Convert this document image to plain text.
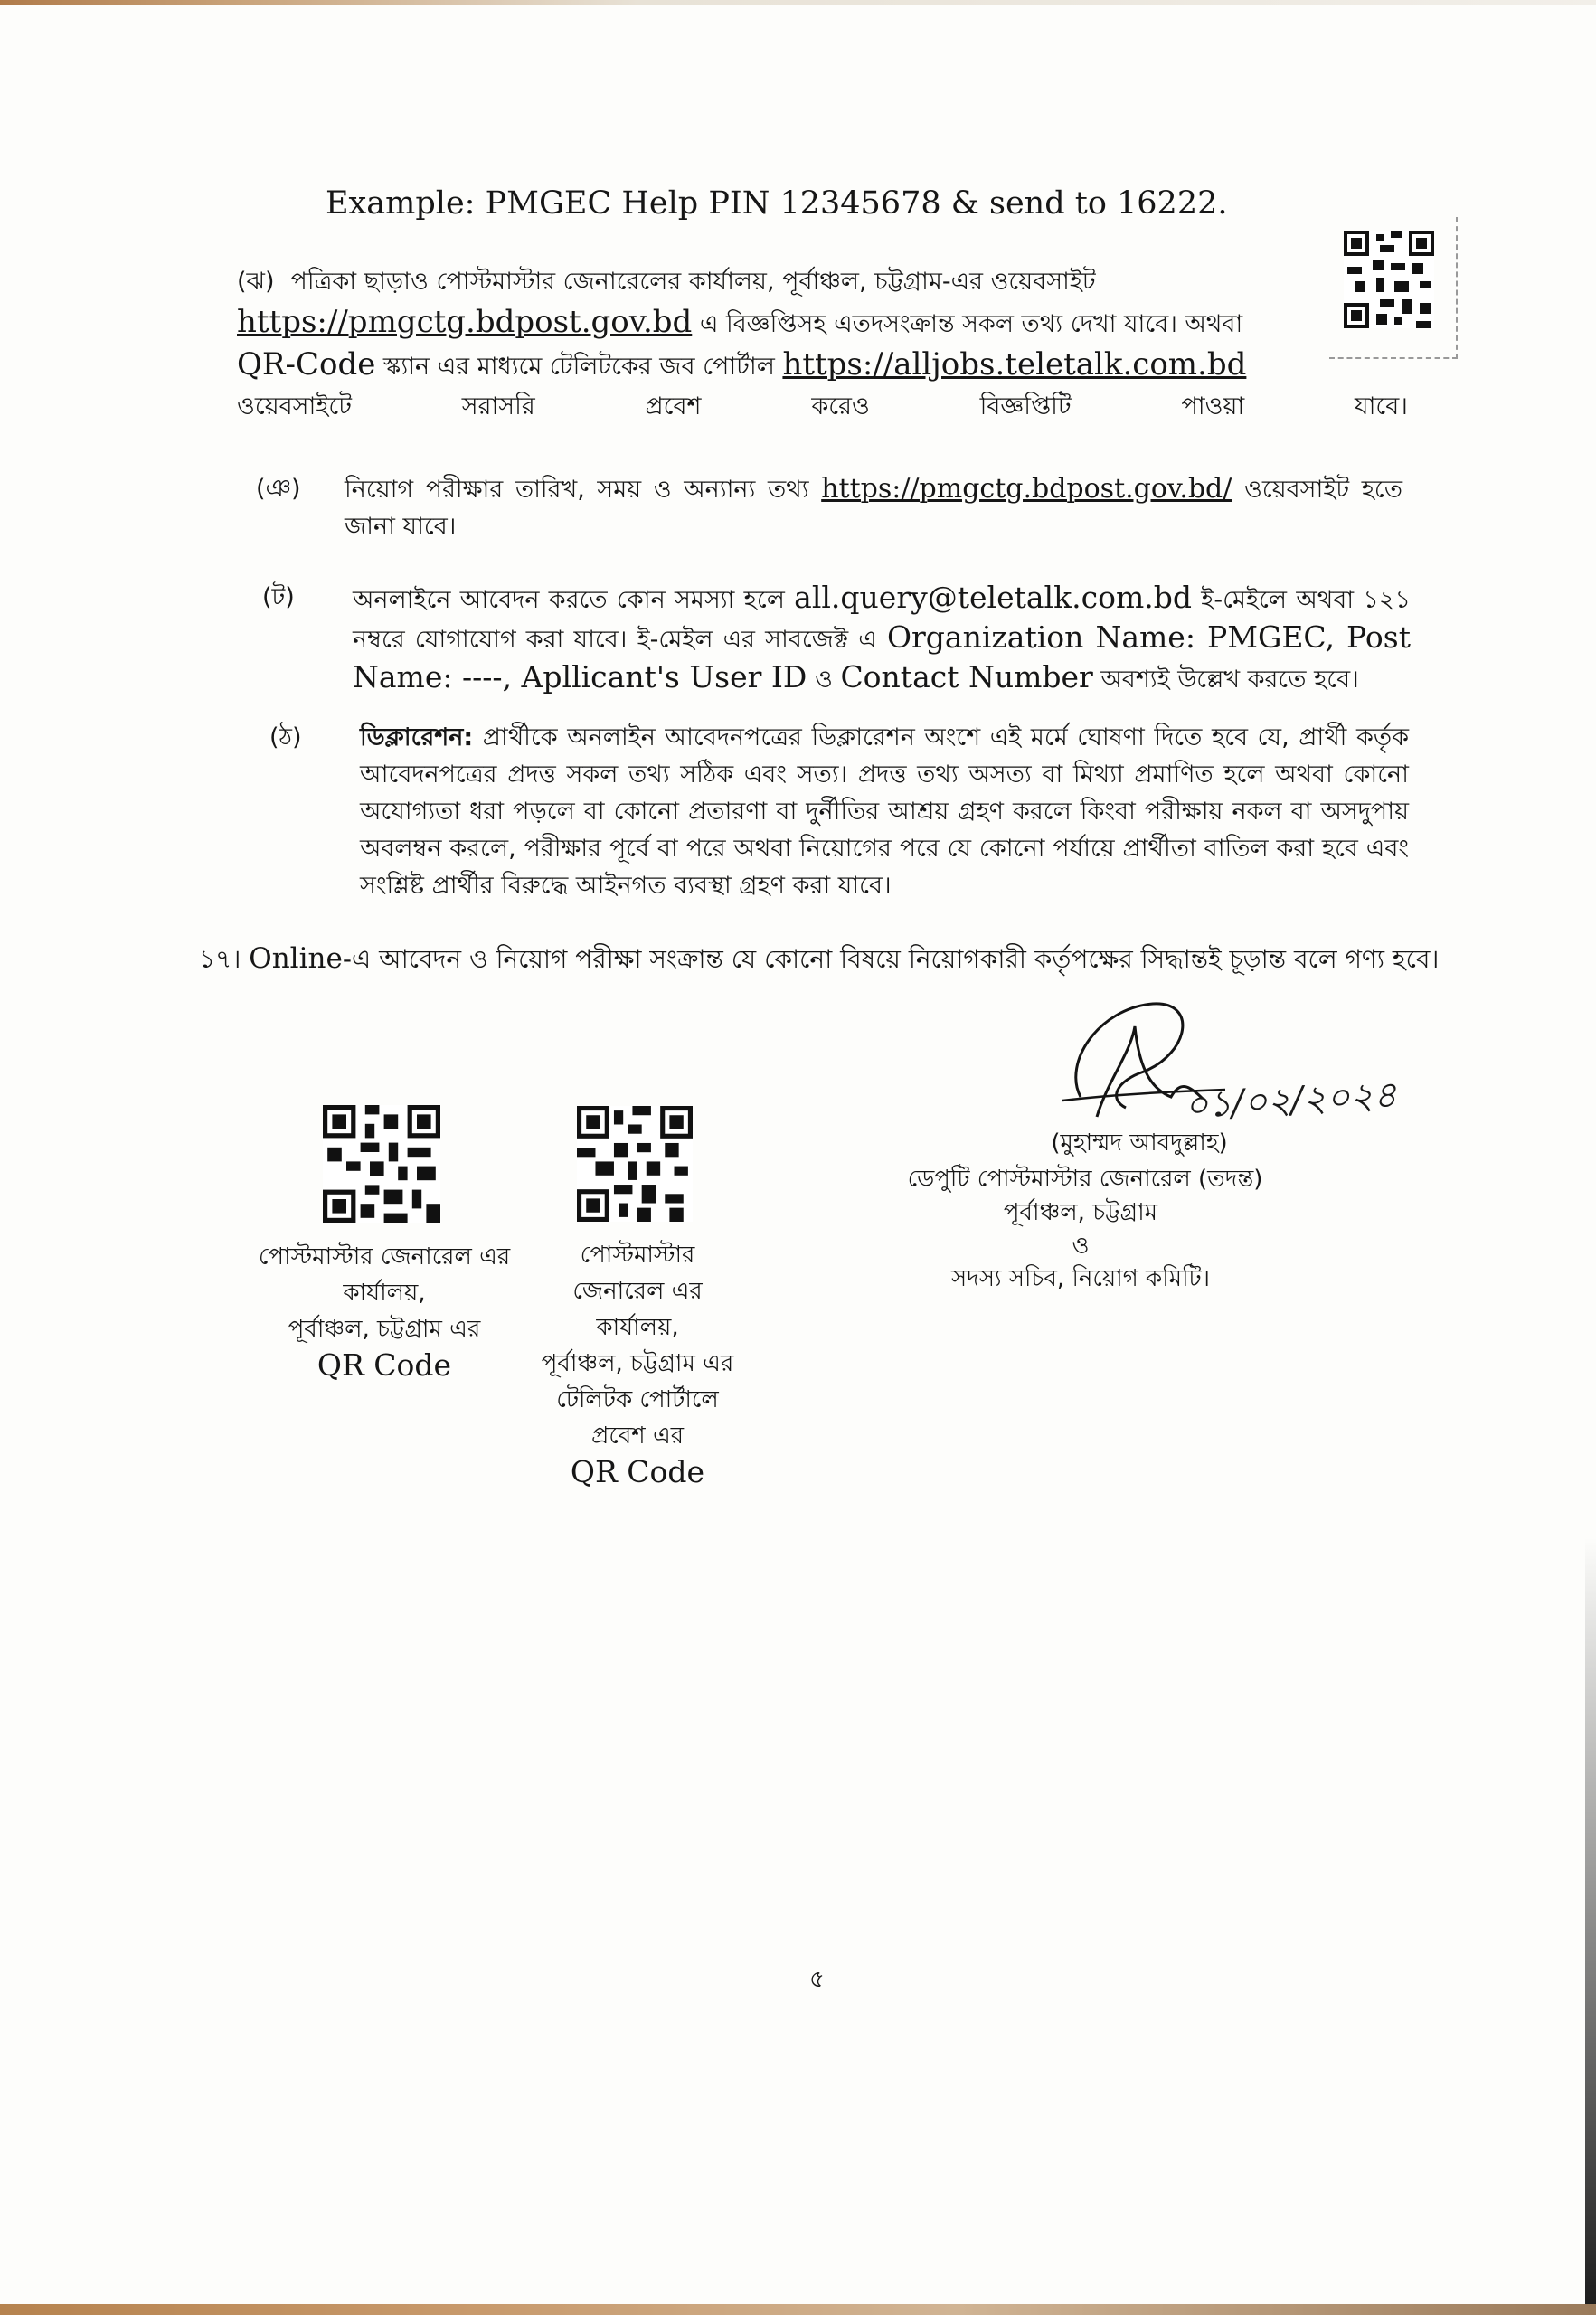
Example: PMGEC Help PIN 12345678 & send to 16222.
(ঝ) পত্রিকা ছাড়াও পোস্টমাস্টার জেনারেলের কার্যালয়, পূর্বাঞ্চল, চট্টগ্রাম-এর ওয়েবসাইট
https://pmgctg.bdpost.gov.bd এ বিজ্ঞপ্তিসহ এতদসংক্রান্ত সকল তথ্য দেখা যাবে। অথবা
QR-Code স্ক্যান এর মাধ্যমে টেলিটকের জব পোর্টাল https://alljobs.teletalk.com.bd
ওয়েবসাইটে	সরাসরি	প্রবেশ	করেও	বিজ্ঞপ্তিটি	পাওয়া	যাবে।
(ঞ) নিয়োগ পরীক্ষার তারিখ, সময় ও অন্যান্য তথ্য https://pmgctg.bdpost.gov.bd/ ওয়েবসাইট হতে জানা যাবে।
(ট) অনলাইনে আবেদন করতে কোন সমস্যা হলে all.query@teletalk.com.bd ই-মেইলে অথবা ১২১ নম্বরে যোগাযোগ করা যাবে। ই-মেইল এর সাবজেক্ট এ Organization Name: PMGEC, Post Name: ----, Apllicant's User ID ও Contact Number অবশ্যই উল্লেখ করতে হবে।
(ঠ) ডিক্লারেশন: প্রার্থীকে অনলাইন আবেদনপত্রের ডিক্লারেশন অংশে এই মর্মে ঘোষণা দিতে হবে যে, প্রার্থী কর্তৃক আবেদনপত্রের প্রদত্ত সকল তথ্য সঠিক এবং সত্য। প্রদত্ত তথ্য অসত্য বা মিথ্যা প্রমাণিত হলে অথবা কোনো অযোগ্যতা ধরা পড়লে বা কোনো প্রতারণা বা দুর্নীতির আশ্রয় গ্রহণ করলে কিংবা পরীক্ষায় নকল বা অসদুপায় অবলম্বন করলে, পরীক্ষার পূর্বে বা পরে অথবা নিয়োগের পরে যে কোনো পর্যায়ে প্রার্থীতা বাতিল করা হবে এবং সংশ্লিষ্ট প্রার্থীর বিরুদ্ধে আইনগত ব্যবস্থা গ্রহণ করা যাবে।
১৭। Online-এ আবেদন ও নিয়োগ পরীক্ষা সংক্রান্ত যে কোনো বিষয়ে নিয়োগকারী কর্তৃপক্ষের সিদ্ধান্তই চূড়ান্ত বলে গণ্য হবে।
০১/০২/২০২৪
(মুহাম্মদ আবদুল্লাহ)
ডেপুটি পোস্টমাস্টার জেনারেল (তদন্ত)
পূর্বাঞ্চল, চট্টগ্রাম
ও
সদস্য সচিব, নিয়োগ কমিটি।
পোস্টমাস্টার জেনারেল এর
কার্যালয়,
পূর্বাঞ্চল, চট্টগ্রাম এর
QR Code
পোস্টমাস্টার
জেনারেল এর
কার্যালয়,
পূর্বাঞ্চল, চট্টগ্রাম এর
টেলিটক পোর্টালে
প্রবেশ এর
QR Code
৫
